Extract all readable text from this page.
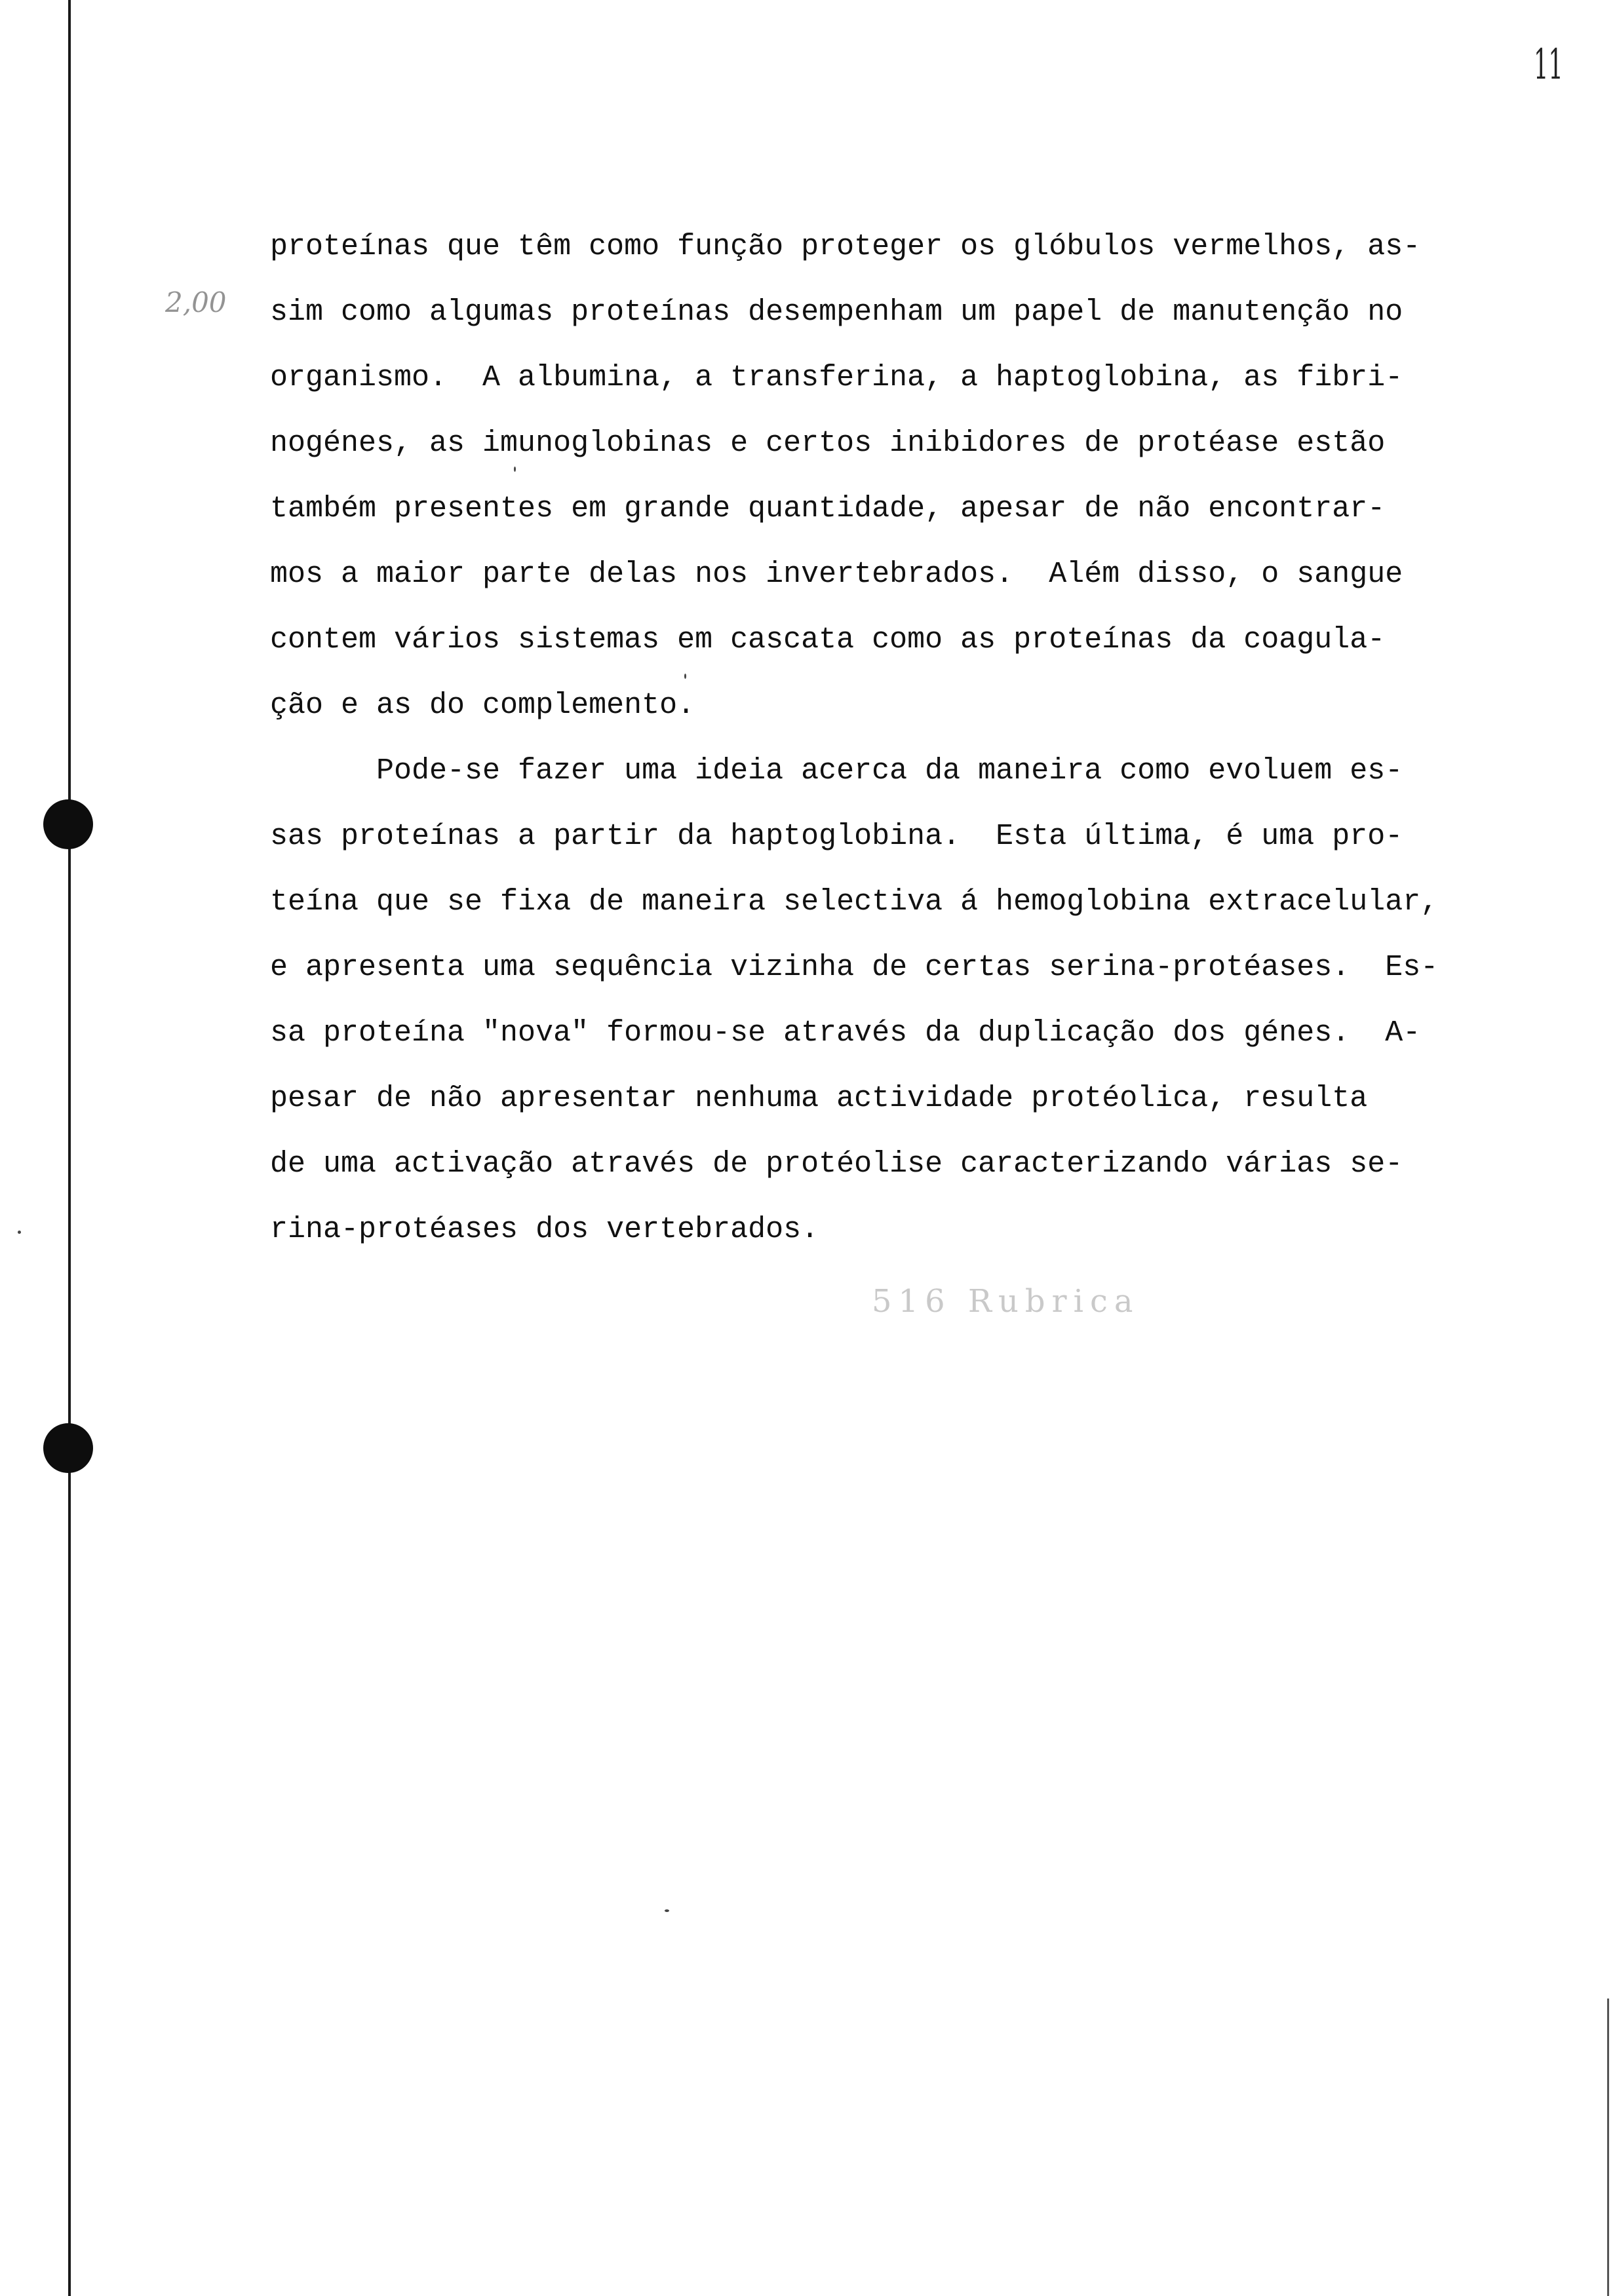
11
2,00
516 Rubrica
proteínas que têm como função proteger os glóbulos vermelhos, as-
sim como algumas proteínas desempenham um papel de manutenção no
organismo.  A albumina, a transferina, a haptoglobina, as fibri-
nogénes, as imunoglobinas e certos inibidores de protéase estão
também presentes em grande quantidade, apesar de não encontrar-
mos a maior parte delas nos invertebrados.  Além disso, o sangue
contem vários sistemas em cascata como as proteínas da coagula-
ção e as do complemento.
Pode-se fazer uma ideia acerca da maneira como evoluem es-
sas proteínas a partir da haptoglobina.  Esta última, é uma pro-
teína que se fixa de maneira selectiva á hemoglobina extracelular,
e apresenta uma sequência vizinha de certas serina-protéases.  Es-
sa proteína "nova" formou-se através da duplicação dos génes.  A-
pesar de não apresentar nenhuma actividade protéolica, resulta
de uma activação através de protéolise caracterizando várias se-
rina-protéases dos vertebrados.
